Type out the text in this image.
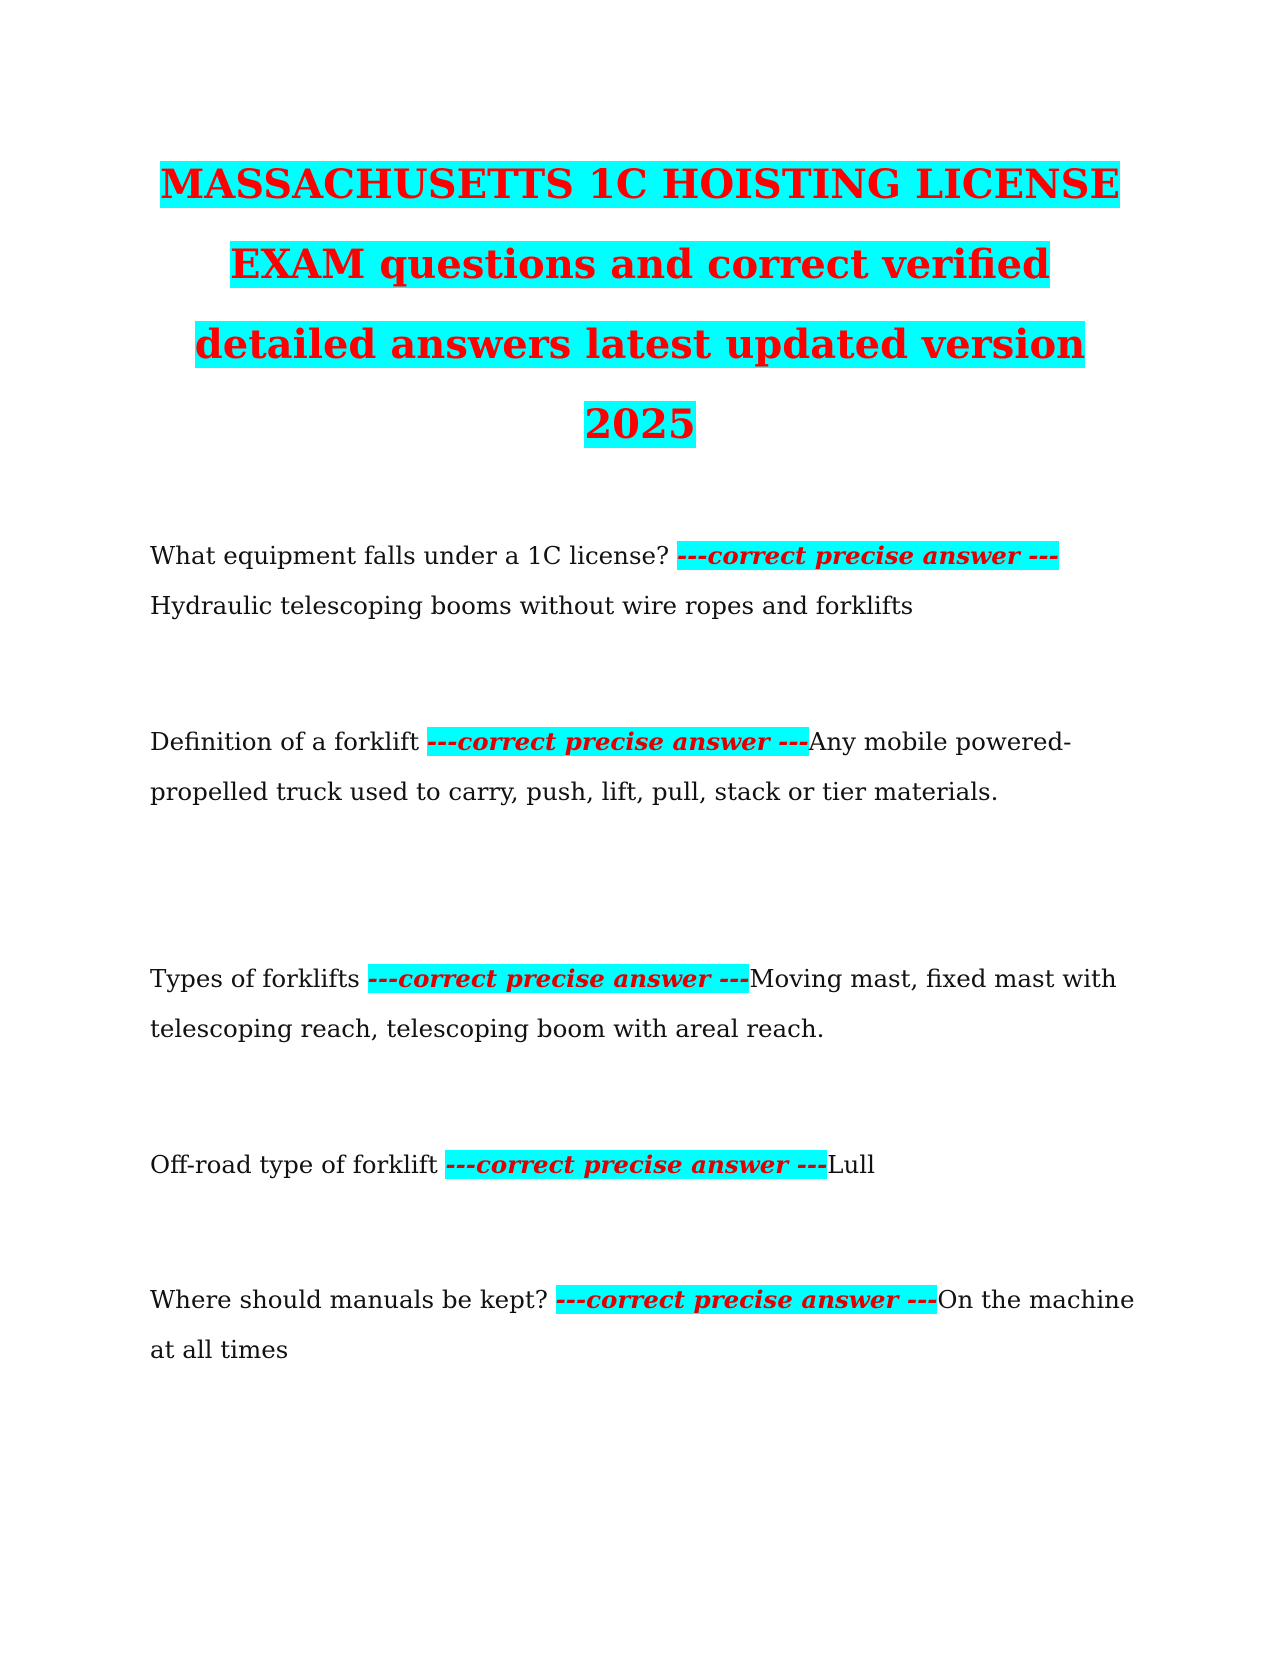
MASSACHUSETTS 1C HOISTING LICENSE EXAM questions and correct verified detailed answers latest updated version 2025

What equipment falls under a 1C license? ---correct precise answer ---Hydraulic telescoping booms without wire ropes and forklifts

Definition of a forklift ---correct precise answer ---Any mobile powered-propelled truck used to carry, push, lift, pull, stack or tier materials.

Types of forklifts ---correct precise answer ---Moving mast, fixed mast with telescoping reach, telescoping boom with areal reach.

Off-road type of forklift ---correct precise answer ---Lull

Where should manuals be kept? ---correct precise answer ---On the machine at all times
